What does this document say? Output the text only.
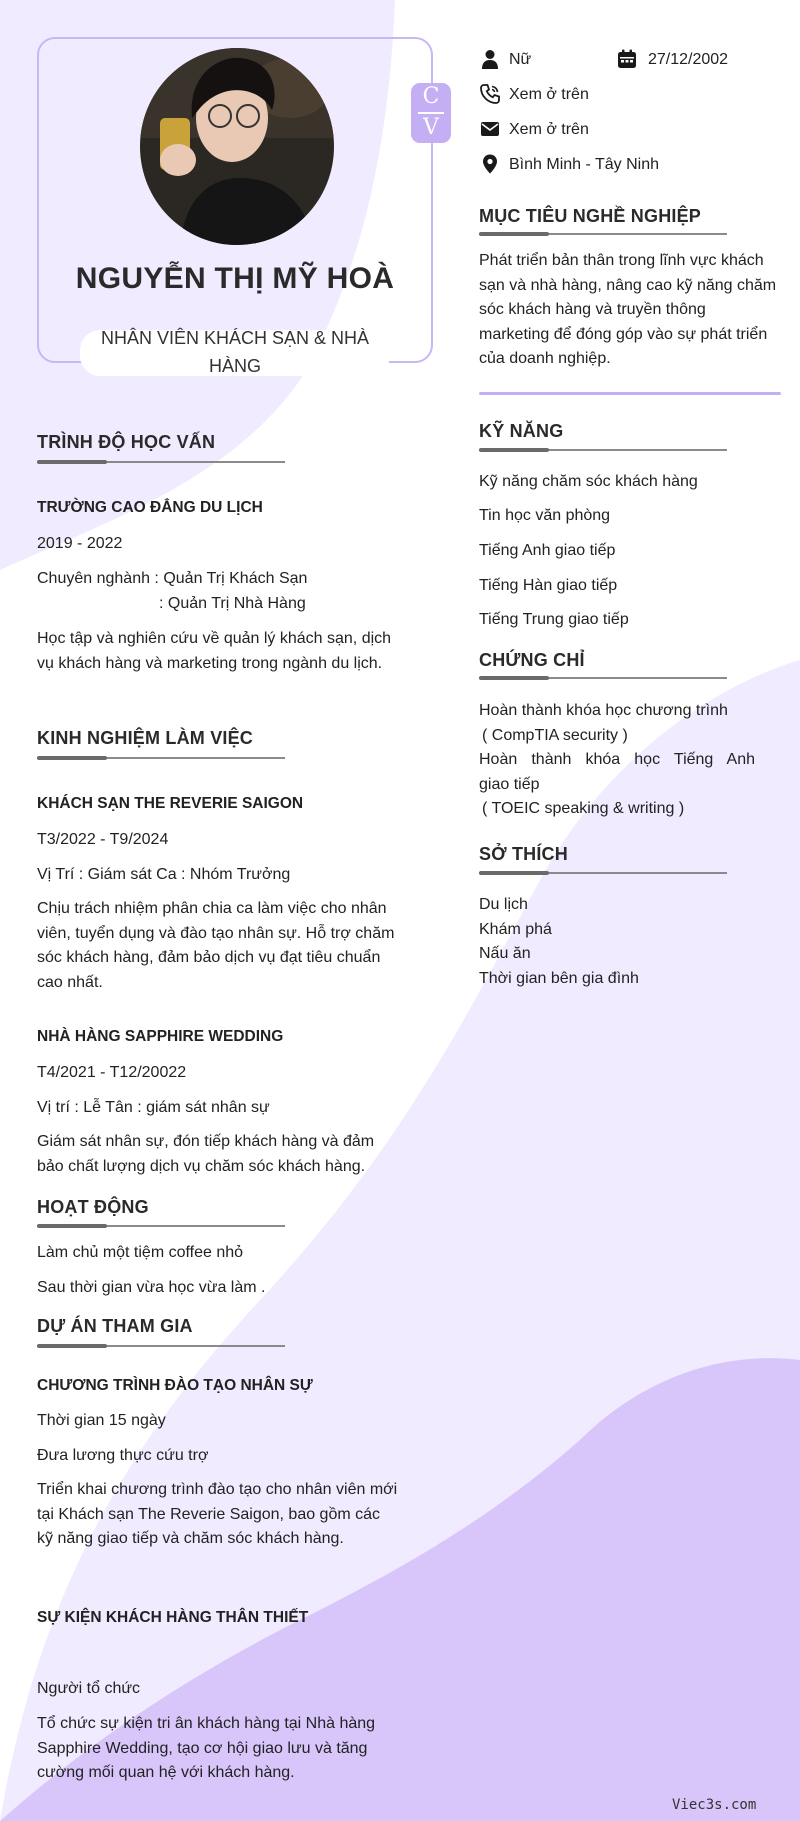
C
V
NGUYỄN THỊ MỸ HOÀ
NHÂN VIÊN KHÁCH SẠN & NHÀ HÀNG
TRÌNH ĐỘ HỌC VẤN
TRƯỜNG CAO ĐẲNG DU LỊCH
2019 - 2022
Chuyên nghành : Quản Trị Khách Sạn
: Quản Trị Nhà Hàng
Học tập và nghiên cứu về quản lý khách sạn, dịch vụ khách hàng và marketing trong ngành du lịch.
KINH NGHIỆM LÀM VIỆC
KHÁCH SẠN THE REVERIE SAIGON
T3/2022 - T9/2024
Vị Trí : Giám sát Ca : Nhóm Trưởng
Chịu trách nhiệm phân chia ca làm việc cho nhân viên, tuyển dụng và đào tạo nhân sự. Hỗ trợ chăm sóc khách hàng, đảm bảo dịch vụ đạt tiêu chuẩn cao nhất.
NHÀ HÀNG SAPPHIRE WEDDING
T4/2021 - T12/20022
Vị trí : Lễ Tân : giám sát nhân sự
Giám sát nhân sự, đón tiếp khách hàng và đảm bảo chất lượng dịch vụ chăm sóc khách hàng.
HOẠT ĐỘNG
Làm chủ một tiệm coffee nhỏ
Sau thời gian vừa học vừa làm .
DỰ ÁN THAM GIA
CHƯƠNG TRÌNH ĐÀO TẠO NHÂN SỰ
Thời gian 15 ngày
Đưa lương thực cứu trợ
Triển khai chương trình đào tạo cho nhân viên mới tại Khách sạn The Reverie Saigon, bao gồm các kỹ năng giao tiếp và chăm sóc khách hàng.
SỰ KIỆN KHÁCH HÀNG THÂN THIẾT
Người tổ chức
Tổ chức sự kiện tri ân khách hàng tại Nhà hàng Sapphire Wedding, tạo cơ hội giao lưu và tăng cường mối quan hệ với khách hàng.
Nữ	27/12/2002
Xem ở trên
Xem ở trên
Bình Minh - Tây Ninh
MỤC TIÊU NGHỀ NGHIỆP
Phát triển bản thân trong lĩnh vực khách sạn và nhà hàng, nâng cao kỹ năng chăm sóc khách hàng và truyền thông marketing để đóng góp vào sự phát triển của doanh nghiệp.
KỸ NĂNG
Kỹ năng chăm sóc khách hàng
Tin học văn phòng
Tiếng Anh giao tiếp
Tiếng Hàn giao tiếp
Tiếng Trung giao tiếp
CHỨNG CHỈ
Hoàn thành khóa học chương trình
( CompTIA security )
Hoàn thành khóa học Tiếng Anh
giao tiếp
( TOEIC speaking & writing )
SỞ THÍCH
Du lịch
Khám phá
Nấu ăn
Thời gian bên gia đình
Viec3s.com
